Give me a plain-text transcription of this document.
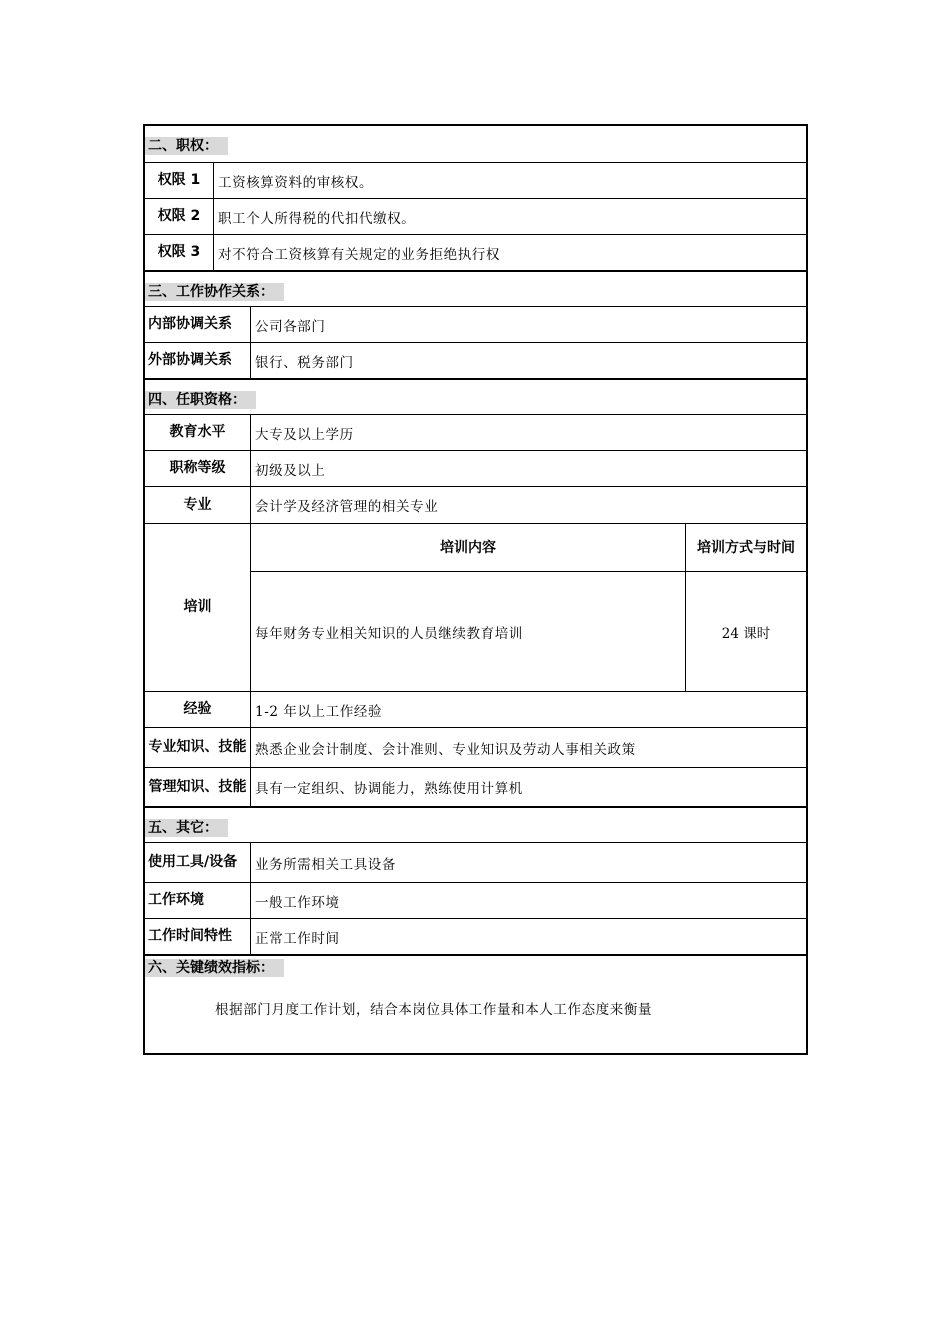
二、职权：
权限 1	工资核算资料的审核权。
权限 2	职工个人所得税的代扣代缴权。
权限 3	对不符合工资核算有关规定的业务拒绝执行权
三、工作协作关系：
内部协调关系	公司各部门
外部协调关系	银行、税务部门
四、任职资格：
教育水平	大专及以上学历
职称等级	初级及以上
专业	会计学及经济管理的相关专业
培训
培训内容	培训方式与时间
每年财务专业相关知识的人员继续教育培训	24 课时
经验	1-2 年以上工作经验
专业知识、技能 熟悉企业会计制度、会计准则、专业知识及劳动人事相关政策
管理知识、技能 具有一定组织、协调能力，熟练使用计算机
五、其它：
使用工具/设备	业务所需相关工具设备
工作环境	一般工作环境
工作时间特性	正常工作时间
六、关键绩效指标：
根据部门月度工作计划，结合本岗位具体工作量和本人工作态度来衡量
